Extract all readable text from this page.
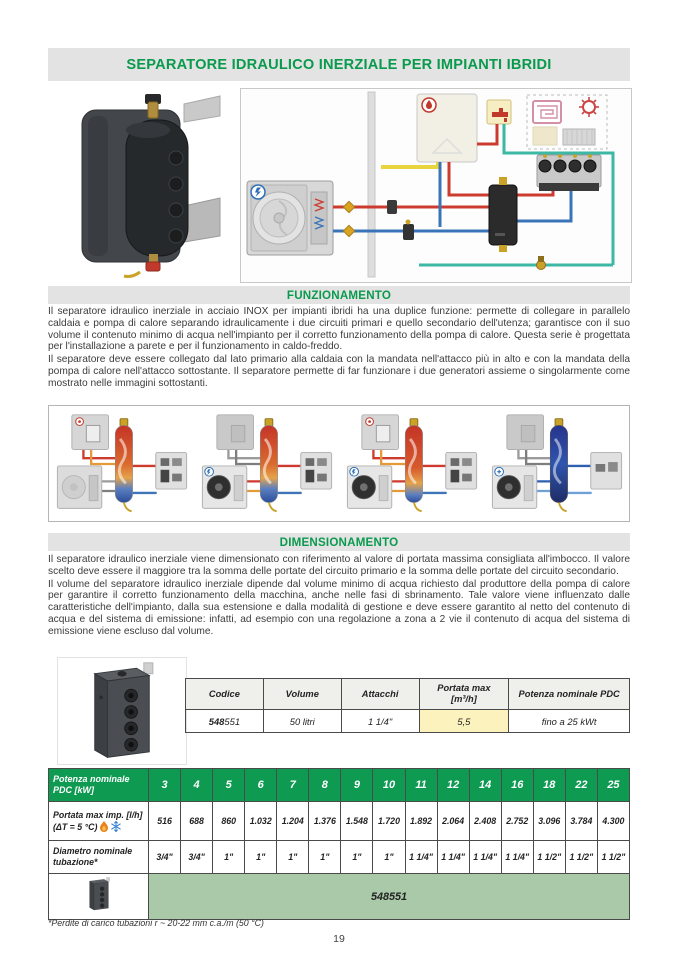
SEPARATORE IDRAULICO INERZIALE PER IMPIANTI IBRIDI
FUNZIONAMENTO

Il separatore idraulico inerziale in acciaio INOX per impianti ibridi ha una duplice funzione: permette di collegare in parallelo caldaia e pompa di calore separando idraulicamente i due circuiti primari e quello secondario dell'utenza; garantisce con il suo volume il contenuto minimo di acqua nell'impianto per il corretto funzionamento della pompa di calore. Questa serie è progettata per l'installazione a parete e per il funzionamento in caldo-freddo.

Il separatore deve essere collegato dal lato primario alla caldaia con la mandata nell'attacco più in alto e con la mandata della pompa di calore nell'attacco sottostante. Il separatore permette di far funzionare i due generatori assieme o singolarmente come mostrato nelle immagini sottostanti.

DIMENSIONAMENTO

Il separatore idraulico inerziale viene dimensionato con riferimento al valore di portata massima consigliata all'imbocco. Il valore scelto deve essere il maggiore tra la somma delle portate del circuito primario e la somma delle portate del circuito secondario.

Il volume del separatore idraulico inerziale dipende dal volume minimo di acqua richiesto dal produttore della pompa di calore per garantire il corretto funzionamento della macchina, anche nelle fasi di sbrinamento. Tale valore viene influenzato dalle caratteristiche dell'impianto, dalla sua estensione e dalla modalità di gestione e deve essere garantito al netto del contenuto di acqua e del sistema di emissione: infatti, ad esempio con una regolazione a zona a 2 vie il contenuto di acqua del sistema di emissione viene escluso dal volume.

Codice	Volume	Attacchi	Portata max
[m³/h]	Potenza nominale PDC
548551	50 litri	1 1/4"	5,5	fino a 25 kWt
Potenza nominale
PDC [kW]	3	4	5	6	7	8	9	10	11	12	14	16	18	22	25

Portata max imp. [l/h]
(ΔT = 5 °C)	516	688	860	1.032	1.204	1.376	1.548	1.720	1.892	2.064	2.408	2.752	3.096	3.784	4.300

Diametro nominale
tubazione*	3/4"	3/4"	1"	1"	1"	1"	1"	1"	1 1/4"	1 1/4"	1 1/4"	1 1/4"	1 1/2"	1 1/2"	1 1/2"
	548551														
*Perdite di carico tubazioni r ~ 20-22 mm c.a./m (50 °C)
19
